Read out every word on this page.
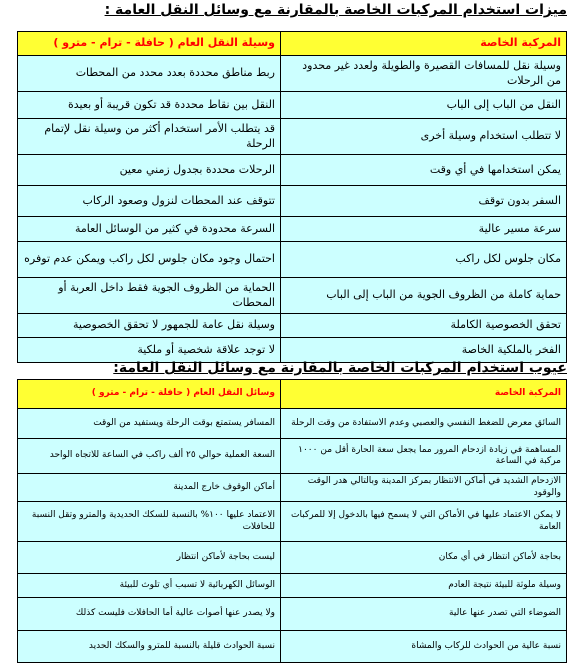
ميزات استخدام المركبات الخاصة بالمقارنة مع وسائل النقل العامة :
المركبة الخاصة	وسيلة النقل العام ( حافلة - ترام - مترو )
وسيلة نقل للمسافات القصيرة والطويلة ولعدد غير محدود من الرحلات	ربط مناطق محددة بعدد محدد من المحطات
النقل من الباب إلى الباب	النقل بين نقاط محددة قد تكون قريبة أو بعيدة
لا تتطلب استخدام وسيلة أخرى	قد يتطلب الأمر استخدام أكثر من وسيلة نقل لإتمام الرحلة
يمكن استخدامها في أي وقت	الرحلات محددة بجدول زمني معين
السفر بدون توقف	تتوقف عند المحطات لنزول وصعود الركاب
سرعة مسير عالية	السرعة محدودة في كثير من الوسائل العامة
مكان جلوس لكل راكب	احتمال وجود مكان جلوس لكل راكب ويمكن عدم توفره
حماية كاملة من الظروف الجوية من الباب إلى الباب	الحماية من الظروف الجوية فقط داخل العربة أو المحطات
تحقق الخصوصية الكاملة	وسيلة نقل عامة للجمهور لا تحقق الخصوصية
الفخر بالملكية الخاصة	لا توجد علاقة شخصية أو ملكية
عيوب استخدام المركبات الخاصة بالمقارنة مع وسائل النقل العامة:
المركبة الخاصة	وسائل النقل العام ( حافلة - ترام - مترو )
السائق معرض للضغط النفسي والعصبي وعدم الاستفادة من وقت الرحلة	المسافر يستمتع بوقت الرحلة ويستفيد من الوقت
المساهمة في زيادة ازدحام المرور مما يجعل سعة الحارة أقل من ١٠٠٠ مركبة في الساعة	السعة العملية حوالي ٢٥ ألف راكب في الساعة للاتجاه الواحد
الازدحام الشديد في أماكن الانتظار بمركز المدينة وبالتالي هدر الوقت والوقود	أماكن الوقوف خارج المدينة
لا يمكن الاعتماد عليها في الأماكن التي لا يسمح فيها بالدخول إلا للمركبات العامة	الاعتماد عليها ١٠٠% بالنسبة للسكك الحديدية والمترو وتقل النسبة للحافلات
بحاجة لأماكن انتظار في أي مكان	ليست بحاجة لأماكن انتظار
وسيلة ملوثة للبيئة نتيجة العادم	الوسائل الكهربائية لا تسبب أي تلوث للبيئة
الضوضاء التي تصدر عنها عالية	ولا يصدر عنها أصوات عالية أما الحافلات فليست كذلك
نسبة عالية من الحوادث للركاب والمشاة	نسبة الحوادث قليلة بالنسبة للمترو والسكك الحديد
